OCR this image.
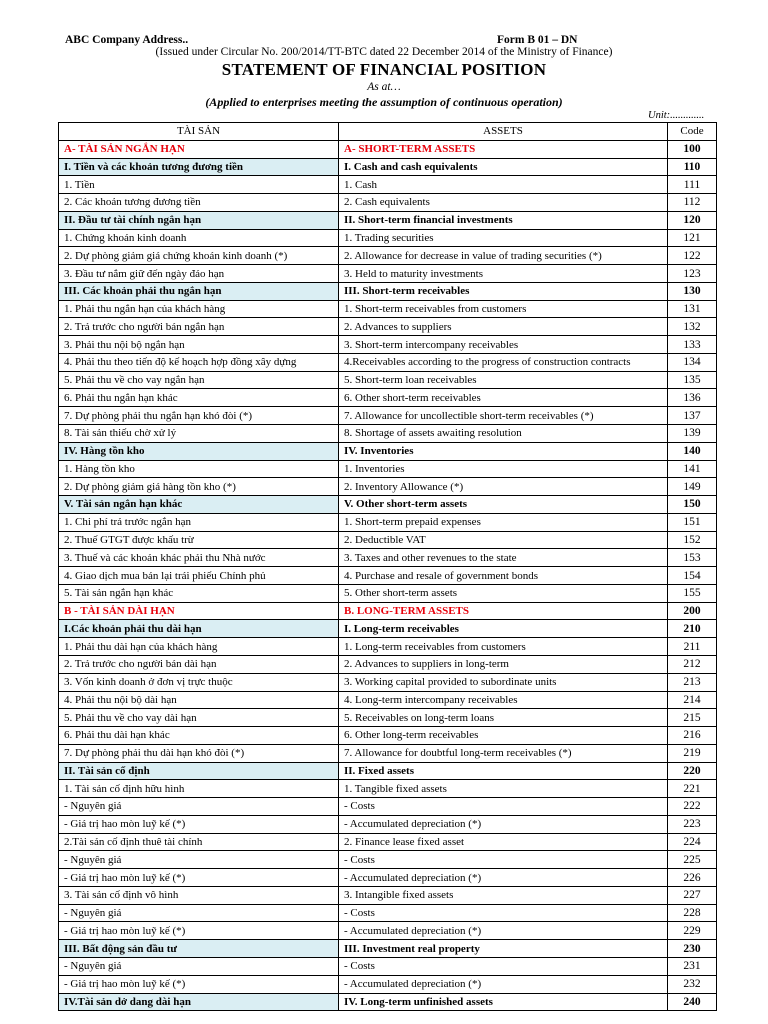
ABC Company Address..	Form B 01 – DN
(Issued under Circular No. 200/2014/TT-BTC dated 22 December 2014 of the Ministry of Finance)
STATEMENT OF FINANCIAL POSITION
As at…
(Applied to enterprises meeting the assumption of continuous operation)
Unit:.............
TÀI SẢN	ASSETS	Code
A- TÀI SẢN NGẮN HẠN	A- SHORT-TERM ASSETS	100
I. Tiền và các khoản tương đương tiền	I. Cash and cash equivalents	110
1. Tiền	1. Cash	111
2. Các khoản tương đương tiền	2. Cash equivalents	112
II. Đầu tư tài chính ngắn hạn	II. Short-term financial investments	120
1. Chứng khoán kinh doanh	1. Trading securities	121
2. Dự phòng giảm giá chứng khoán kinh doanh (*)	2. Allowance for decrease in value of trading securities (*)	122
3. Đầu tư nắm giữ đến ngày đáo hạn	3. Held to maturity investments	123
III. Các khoản phải thu ngắn hạn	III. Short-term receivables	130
1. Phải thu ngắn hạn của khách hàng	1. Short-term receivables from customers	131
2. Trả trước cho người bán ngắn hạn	2. Advances to suppliers	132
3. Phải thu nội bộ ngắn hạn	3. Short-term intercompany receivables	133
4. Phải thu theo tiến độ kế hoạch hợp đồng xây dựng	4.Receivables according to the progress of construction contracts	134
5. Phải thu về cho vay ngắn hạn	5. Short-term loan receivables	135
6. Phải thu ngắn hạn khác	6. Other short-term receivables	136
7. Dự phòng phải thu ngắn hạn khó đòi (*)	7. Allowance for uncollectible short-term receivables (*)	137
8. Tài sản thiếu chờ xử lý	8. Shortage of assets awaiting resolution	139
IV. Hàng tồn kho	IV. Inventories	140
1. Hàng tồn kho	1. Inventories	141
2. Dự phòng giảm giá hàng tồn kho (*)	2. Inventory Allowance (*)	149
V. Tài sản ngắn hạn khác	V. Other short-term assets	150
1. Chi phí trả trước ngắn hạn	1. Short-term prepaid expenses	151
2. Thuế GTGT được khấu trừ	2. Deductible VAT	152
3. Thuế và các khoản khác phải thu Nhà nước	3. Taxes and other revenues to the state	153
4. Giao dịch mua bán lại trái phiếu Chính phủ	4. Purchase and resale of government bonds	154
5. Tài sản ngắn hạn khác	5. Other short-term assets	155
B - TÀI SẢN DÀI HẠN	B. LONG-TERM ASSETS	200
I.Các khoản phải thu dài hạn	I. Long-term receivables	210
1. Phải thu dài hạn của khách hàng	1. Long-term receivables from customers	211
2. Trả trước cho người bán dài hạn	2. Advances to suppliers in long-term	212
3. Vốn kinh doanh ở đơn vị trực thuộc	3. Working capital provided to subordinate units	213
4. Phải thu nội bộ dài hạn	4. Long-term intercompany receivables	214
5. Phải thu về cho vay dài hạn	5. Receivables on long-term loans	215
6. Phải thu dài hạn khác	6. Other long-term receivables	216
7. Dự phòng phải thu dài hạn khó đòi (*)	7. Allowance for doubtful long-term receivables (*)	219
II. Tài sản cố định	II. Fixed assets	220
1. Tài sản cố định hữu hình	1. Tangible fixed assets	221
- Nguyên giá	- Costs	222
- Giá trị hao mòn luỹ kế (*)	- Accumulated depreciation (*)	223
2.Tài sản cố định thuê tài chính	2. Finance lease fixed asset	224
- Nguyên giá	- Costs	225
- Giá trị hao mòn luỹ kế (*)	- Accumulated depreciation (*)	226
3. Tài sản cố định vô hình	3. Intangible fixed assets	227
- Nguyên giá	- Costs	228
- Giá trị hao mòn luỹ kế (*)	- Accumulated depreciation (*)	229
III. Bất động sản đầu tư	III. Investment real property	230
- Nguyên giá	- Costs	231
- Giá trị hao mòn luỹ kế (*)	- Accumulated depreciation (*)	232
IV.Tài sản dở dang dài hạn	IV. Long-term unfinished assets	240
